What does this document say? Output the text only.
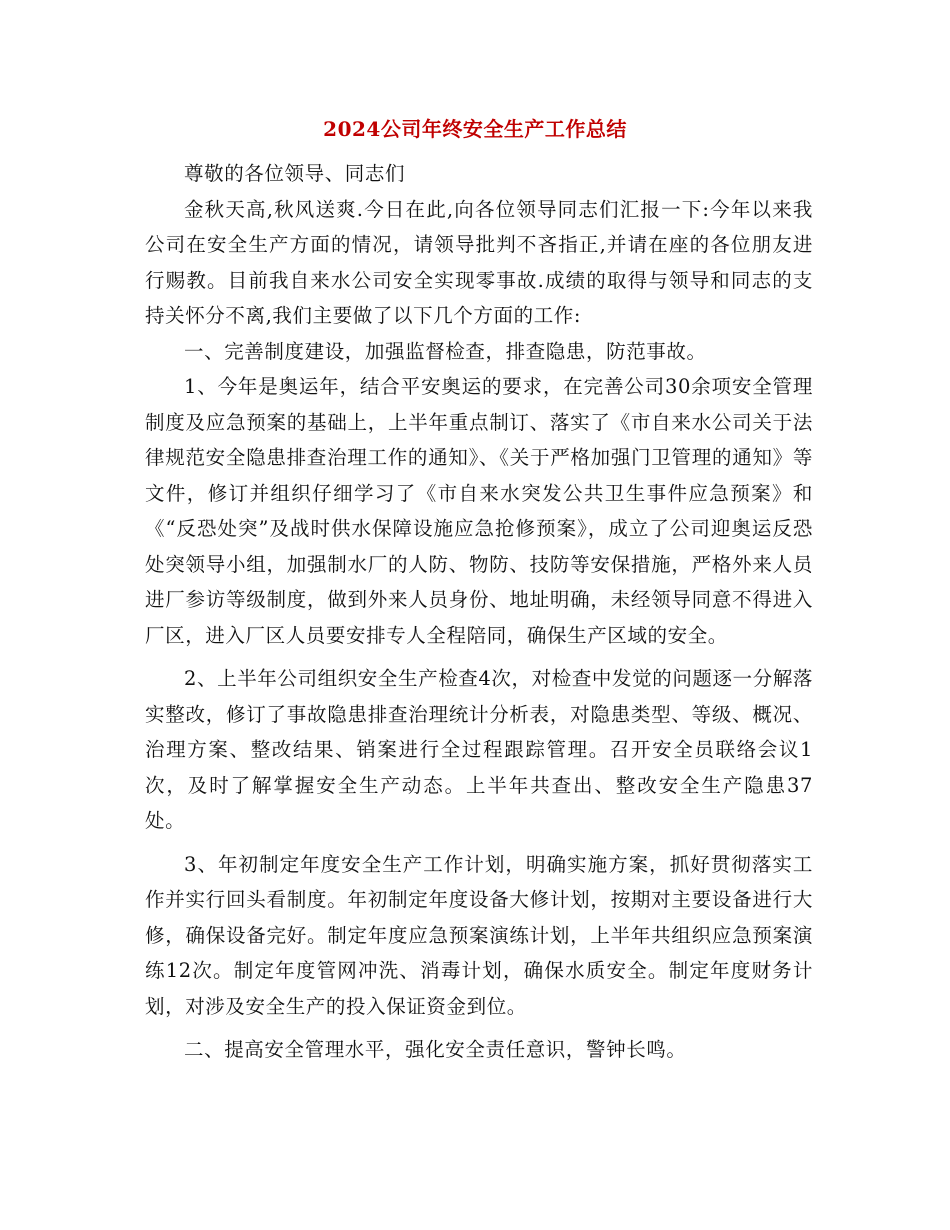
2024公司年终安全生产工作总结

尊敬的各位领导、同志们

金秋天高,秋风送爽.今日在此,向各位领导同志们汇报一下:今年以来我公司在安全生产方面的情况，请领导批判不吝指正,并请在座的各位朋友进行赐教。目前我自来水公司安全实现零事故.成绩的取得与领导和同志的支持关怀分不离,我们主要做了以下几个方面的工作:

一、完善制度建设，加强监督检查，排查隐患，防范事故。

1、今年是奥运年，结合平安奥运的要求，在完善公司30余项安全管理制度及应急预案的基础上，上半年重点制订、落实了《市自来水公司关于法律规范安全隐患排查治理工作的通知》、《关于严格加强门卫管理的通知》等文件，修订并组织仔细学习了《市自来水突发公共卫生事件应急预案》和《“反恐处突”及战时供水保障设施应急抢修预案》，成立了公司迎奥运反恐处突领导小组，加强制水厂的人防、物防、技防等安保措施，严格外来人员进厂参访等级制度，做到外来人员身份、地址明确，未经领导同意不得进入厂区，进入厂区人员要安排专人全程陪同，确保生产区域的安全。

2、上半年公司组织安全生产检查4次，对检查中发觉的问题逐一分解落实整改，修订了事故隐患排查治理统计分析表，对隐患类型、等级、概况、治理方案、整改结果、销案进行全过程跟踪管理。召开安全员联络会议1次，及时了解掌握安全生产动态。上半年共查出、整改安全生产隐患37处。

3、年初制定年度安全生产工作计划，明确实施方案，抓好贯彻落实工作并实行回头看制度。年初制定年度设备大修计划，按期对主要设备进行大修，确保设备完好。制定年度应急预案演练计划，上半年共组织应急预案演练12次。制定年度管网冲洗、消毒计划，确保水质安全。制定年度财务计划，对涉及安全生产的投入保证资金到位。

二、提高安全管理水平，强化安全责任意识，警钟长鸣。
